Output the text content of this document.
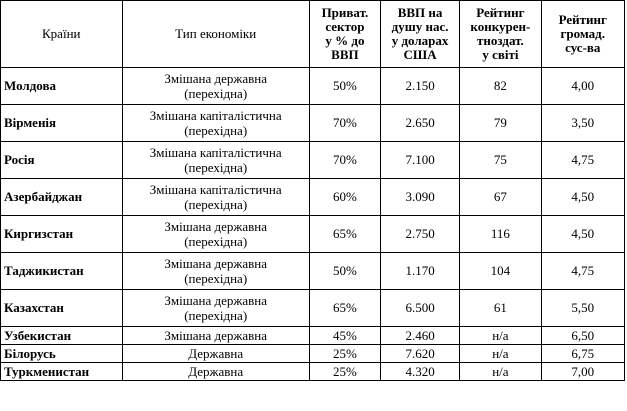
Країни	Тип економіки	Приват.
сектор
у % до
ВВП	ВВП на
душу нас.
у доларах
США	Рейтинг
конкурен-
тноздат.
у світі	Рейтинг
громад.
сус-ва

Молдова	Змішана державна
(перехідна)	50%	2.150	82	4,00
Вірменія	Змішана капіталістична
(перехідна)	70%	2.650	79	3,50
Росія	Змішана капіталістична
(перехідна)	70%	7.100	75	4,75
Азербайджан	Змішана капіталістична
(перехідна)	60%	3.090	67	4,50
Киргизстан	Змішана державна
(перехідна)	65%	2.750	116	4,50
Таджикистан	Змішана державна
(перехідна)	50%	1.170	104	4,75
Казахстан	Змішана державна
(перехідна)	65%	6.500	61	5,50
Узбекистан	Змішана державна	45%	2.460	н/а	6,50
Білорусь	Державна	25%	7.620	н/а	6,75
Туркменистан	Державна	25%	4.320	н/а	7,00
